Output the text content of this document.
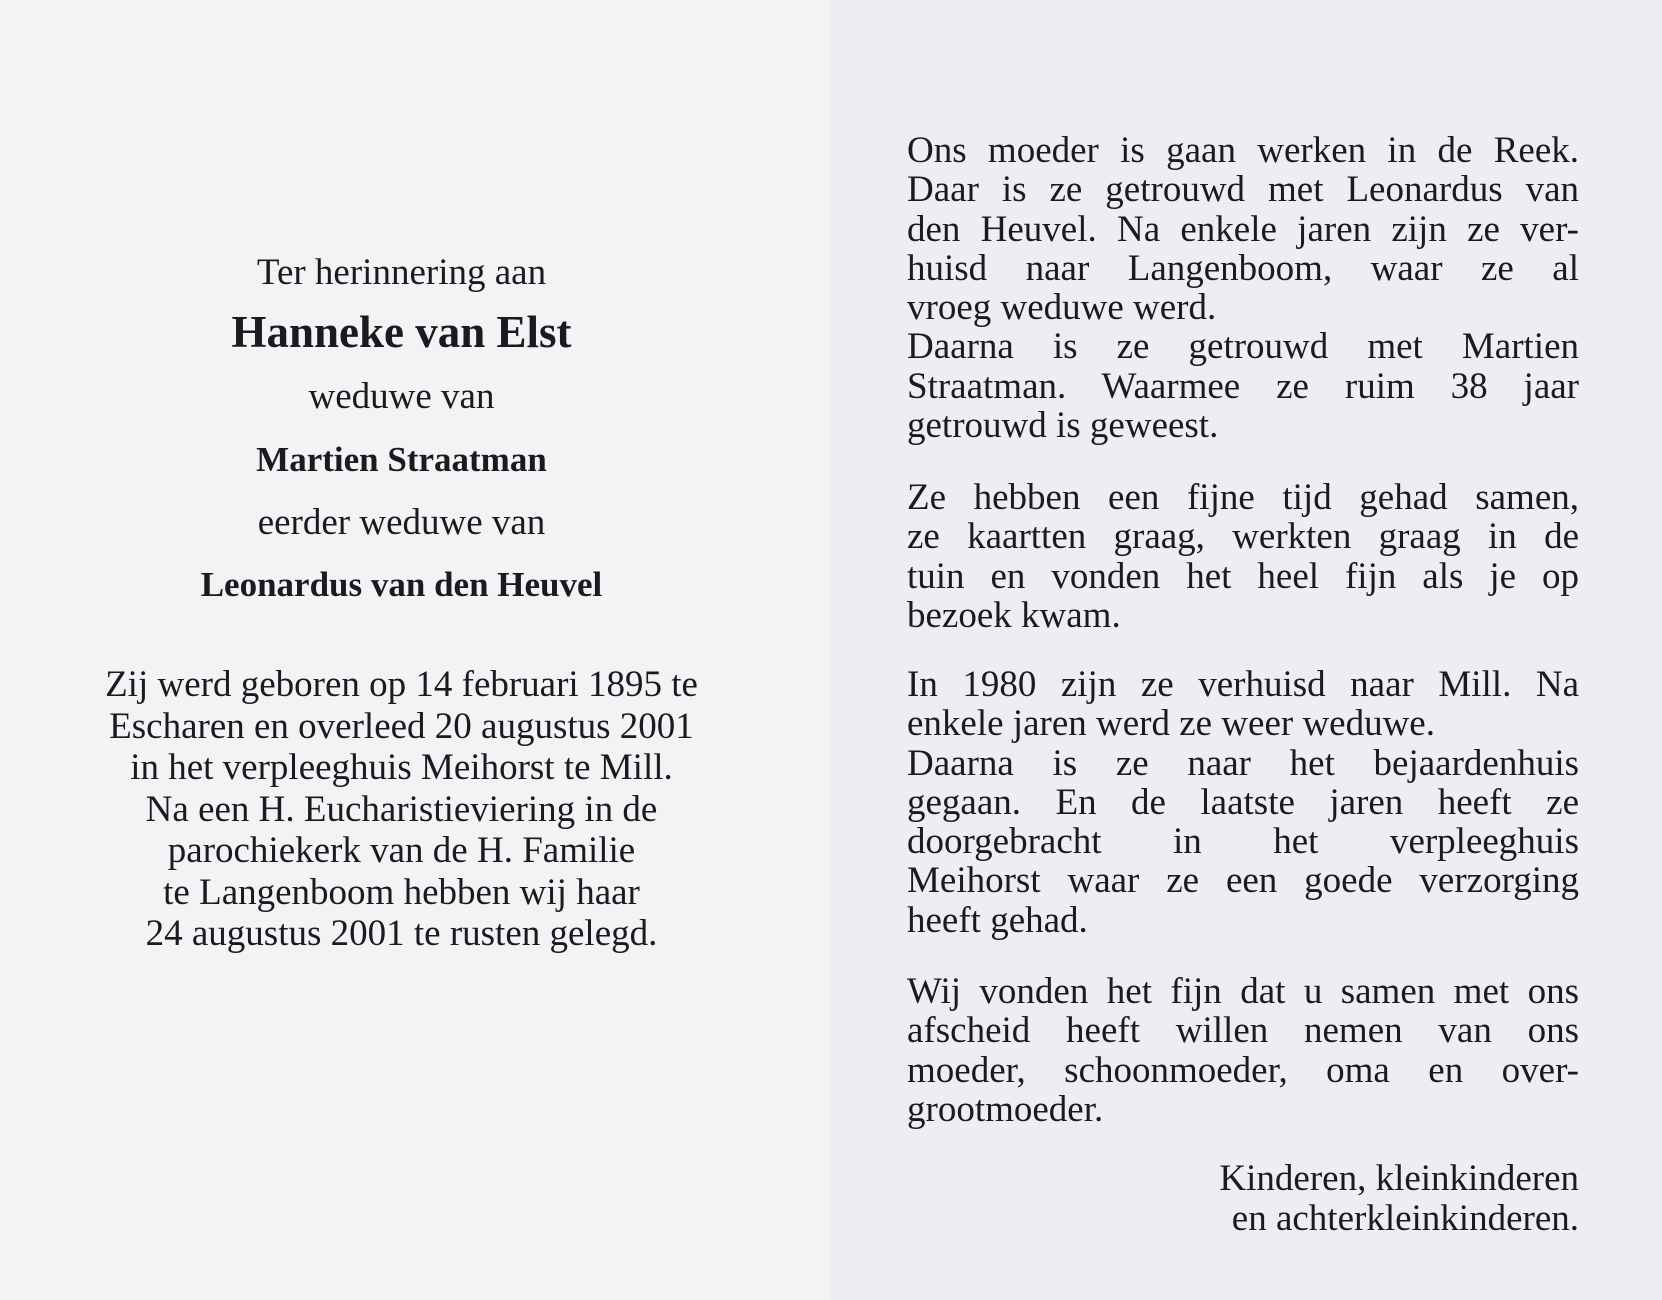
Ter herinnering aan
Hanneke van Elst
weduwe van
Martien Straatman
eerder weduwe van
Leonardus van den Heuvel
Zij werd geboren op 14 februari 1895 te
Escharen en overleed 20 augustus 2001
in het verpleeghuis Meihorst te Mill.
Na een H. Eucharistieviering in de
parochiekerk van de H. Familie
te Langenboom hebben wij haar
24 augustus 2001 te rusten gelegd.
Ons moeder is gaan werken in de Reek.
Daar is ze getrouwd met Leonardus van
den Heuvel. Na enkele jaren zijn ze ver-
huisd naar Langenboom, waar ze al
vroeg weduwe werd.
Daarna is ze getrouwd met Martien
Straatman. Waarmee ze ruim 38 jaar
getrouwd is geweest.
Ze hebben een fijne tijd gehad samen,
ze kaartten graag, werkten graag in de
tuin en vonden het heel fijn als je op
bezoek kwam.
In 1980 zijn ze verhuisd naar Mill. Na
enkele jaren werd ze weer weduwe.
Daarna is ze naar het bejaardenhuis
gegaan. En de laatste jaren heeft ze
doorgebracht in het verpleeghuis
Meihorst waar ze een goede verzorging
heeft gehad.
Wij vonden het fijn dat u samen met ons
afscheid heeft willen nemen van ons
moeder, schoonmoeder, oma en over-
grootmoeder.
Kinderen, kleinkinderen
en achterkleinkinderen.
